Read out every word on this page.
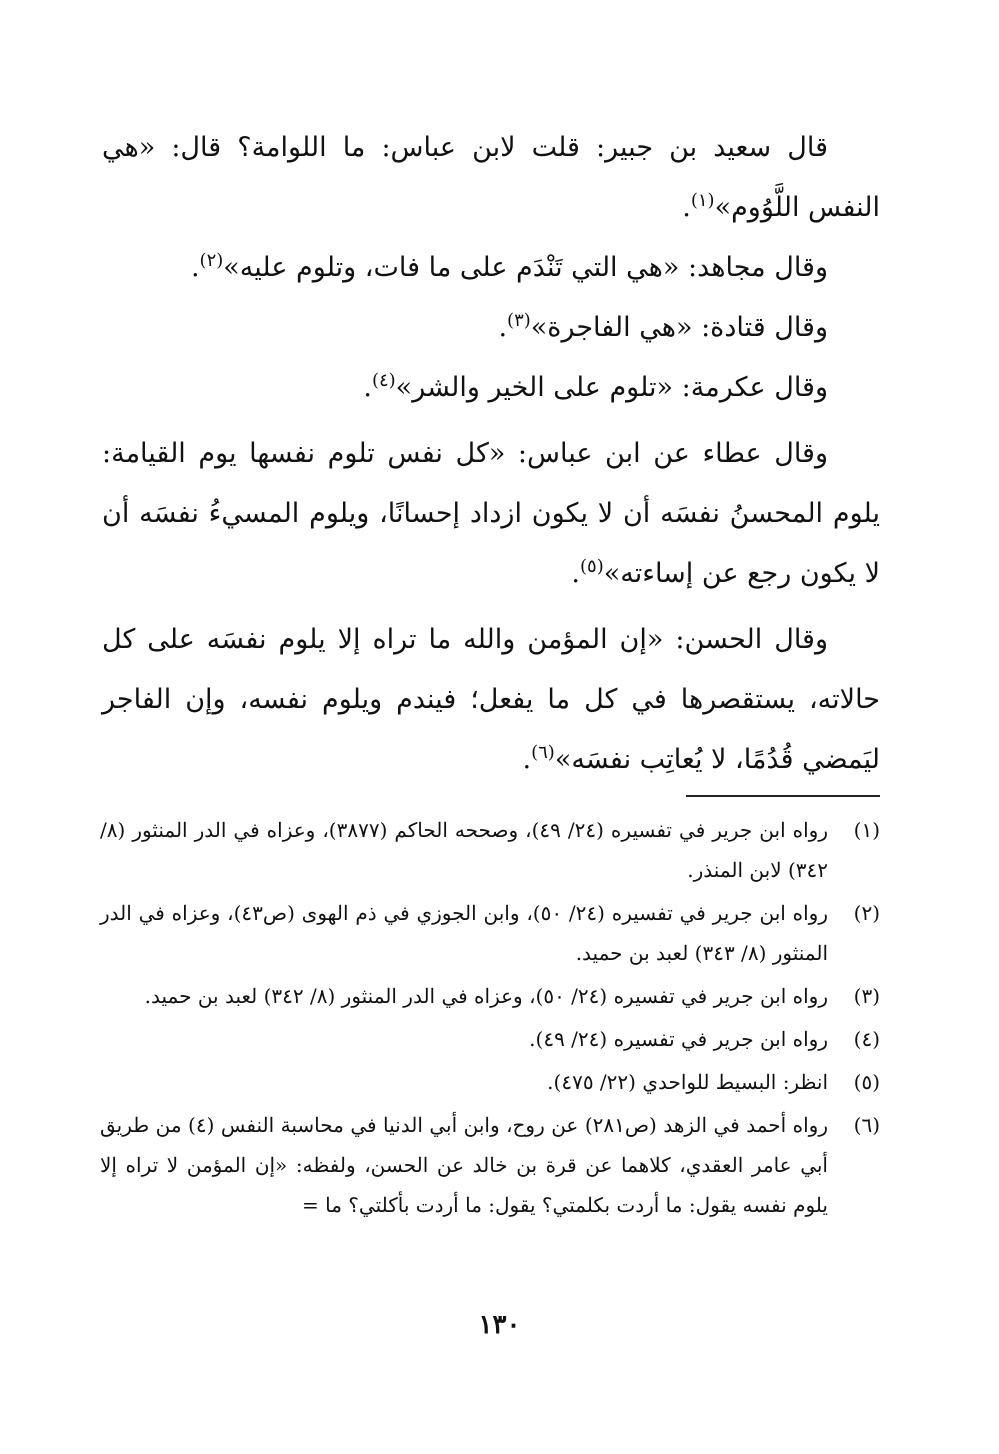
قال سعيد بن جبير: قلت لابن عباس: ما اللوامة؟ قال: «هي النفس اللَّوُوم»$^{(١)}$.

وقال مجاهد: «هي التي تَنْدَم على ما فات، وتلوم عليه»$^{(٢)}$.

وقال قتادة: «هي الفاجرة»$^{(٣)}$.

وقال عكرمة: «تلوم على الخير والشر»$^{(٤)}$.

وقال عطاء عن ابن عباس: «كل نفس تلوم نفسها يوم القيامة: يلوم المحسنُ نفسَه أن لا يكون ازداد إحسانًا، ويلوم المسيءُ نفسَه أن لا يكون رجع عن إساءته»$^{(٥)}$.

وقال الحسن: «إن المؤمن والله ما تراه إلا يلوم نفسَه على كل حالاته، يستقصرها في كل ما يفعل؛ فيندم ويلوم نفسه، وإن الفاجر ليَمضي قُدُمًا، لا يُعاتِب نفسَه»$^{(٦)}$.

(١)
رواه ابن جرير في تفسيره (٢٤/ ٤٩)، وصححه الحاكم (٣٨٧٧)، وعزاه في الدر المنثور (٨/ ٣٤٢) لابن المنذر.
(٢)
رواه ابن جرير في تفسيره (٢٤/ ٥٠)، وابن الجوزي في ذم الهوى (ص٤٣)، وعزاه في الدر المنثور (٨/ ٣٤٣) لعبد بن حميد.
(٣)
رواه ابن جرير في تفسيره (٢٤/ ٥٠)، وعزاه في الدر المنثور (٨/ ٣٤٢) لعبد بن حميد.
(٤)
رواه ابن جرير في تفسيره (٢٤/ ٤٩).
(٥)
انظر: البسيط للواحدي (٢٢/ ٤٧٥).
(٦)
رواه أحمد في الزهد (ص٢٨١) عن روح، وابن أبي الدنيا في محاسبة النفس (٤) من طريق أبي عامر العقدي، كلاهما عن قرة بن خالد عن الحسن، ولفظه: «إن المؤمن لا تراه إلا يلوم نفسه يقول: ما أردت بكلمتي؟ يقول: ما أردت بأكلتي؟ ما =
١٣٠
